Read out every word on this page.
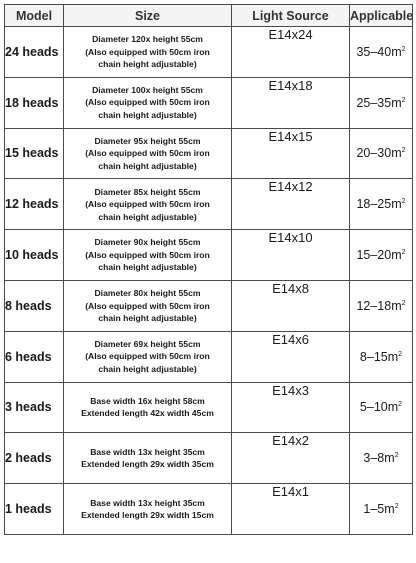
Model	Size	Light Source	Applicable
24 heads	Diameter 120x height 55cm
(Also equipped with 50cm iron
chain height adjustable)	E14x24	$35-40m^2$
18 heads	Diameter 100x height 55cm
(Also equipped with 50cm iron
chain height adjustable)	E14x18	$25-35m^2$
15 heads	Diameter 95x height 55cm
(Also equipped with 50cm iron
chain height adjustable)	E14x15	$20-30m^2$
12 heads	Diameter 85x height 55cm
(Also equipped with 50cm iron
chain height adjustable)	E14x12	$18-25m^2$
10 heads	Diameter 90x height 55cm
(Also equipped with 50cm iron
chain height adjustable)	E14x10	$15-20m^2$
8 heads	Diameter 80x height 55cm
(Also equipped with 50cm iron
chain height adjustable)	E14x8	$12-18m^2$
6 heads	Diameter 69x height 55cm
(Also equipped with 50cm iron
chain height adjustable)	E14x6	$8-15m^2$
3 heads	Base width 16x height 58cm
Extended length 42x width 45cm	E14x3	$5-10m^2$
2 heads	Base width 13x height 35cm
Extended length 29x width 35cm	E14x2	$3-8m^2$
1 heads	Base width 13x height 35cm
Extended length 29x width 15cm	E14x1	$1-5m^2$
